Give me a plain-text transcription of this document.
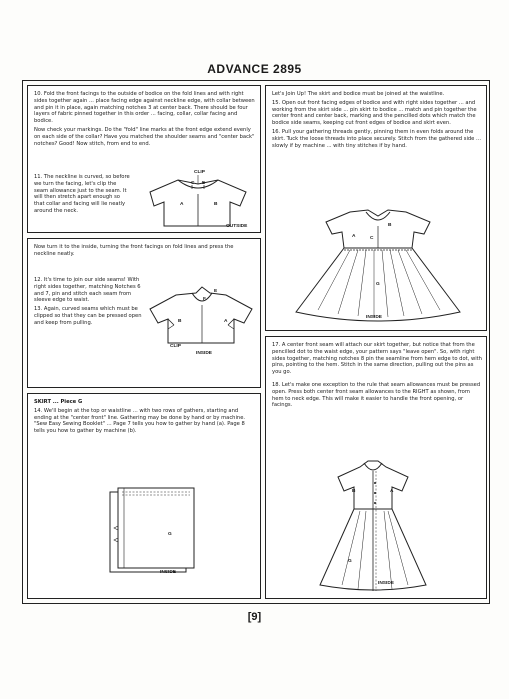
ADVANCE 2895

10. Fold the front facings to the outside of bodice on the fold lines and with right sides together again ... place facing edge against neckline edge, with collar between and pin it in place, again matching notches 3 at center back. There should be four layers of fabric pinned together in this order ... facing, collar, collar facing and bodice.

Now check your markings. Do the "fold" line marks at the front edge extend evenly on each side of the collar? Have you matched the shoulder seams and "center back" notches? Good! Now stitch, from end to end.

11. The neckline is curved, so before we turn the facing, let's clip the seam allowance just to the seam. It will then stretch apart enough so that collar and facing will lie neatly around the neck.

CLIP
C E
A	B
OUTSIDE

Now turn it to the inside, turning the front facings on fold lines and press the neckline neatly.

12. It's time to join our side seams! With right sides together, matching Notches 6 and 7, pin and stitch each seam from sleeve edge to waist.

13. Again, curved seams which must be clipped so that they can be pressed open and keep from pulling.

F
E
B	A
CLIP
INSIDE

SKIRT ... Piece G

14. We'll begin at the top or waistline ... with two rows of gathers, starting and ending at the "center front" line. Gathering may be done by hand or by machine. "Sew Easy Sewing Booklet" ... Page 7 tells you how to gather by hand (a). Page 8 tells you how to gather by machine (b).

G
INSIDE

Let's Join Up! The skirt and bodice must be joined at the waistline.

15. Open out front facing edges of bodice and with right sides together ... and working from the skirt side ... pin skirt to bodice ... match and pin together the center front and center back, marking and the pencilled dots which match the bodice side seams, keeping cut front edges of bodice and skirt even.

16. Pull your gathering threads gently, pinning them in even folds around the skirt. Tuck the loose threads into place securely. Stitch from the gathered side ... slowly if by machine ... with tiny stitches if by hand.

A
B
C
G
INSIDE

17. A center front seam will attach our skirt together, but notice that from the pencilled dot to the waist edge, your pattern says "leave open". So, with right sides together, matching notches 8 pin the seamline from hem edge to dot, with pins, pointing to the hem. Stitch in the same direction, pulling out the pins as you go.

18. Let's make one exception to the rule that seam allowances must be pressed open. Press both center front seam allowances to the RIGHT as shown, from hem to neck edge. This will make it easier to handle the front opening, or facings.

B	A
G
INSIDE
[9]
